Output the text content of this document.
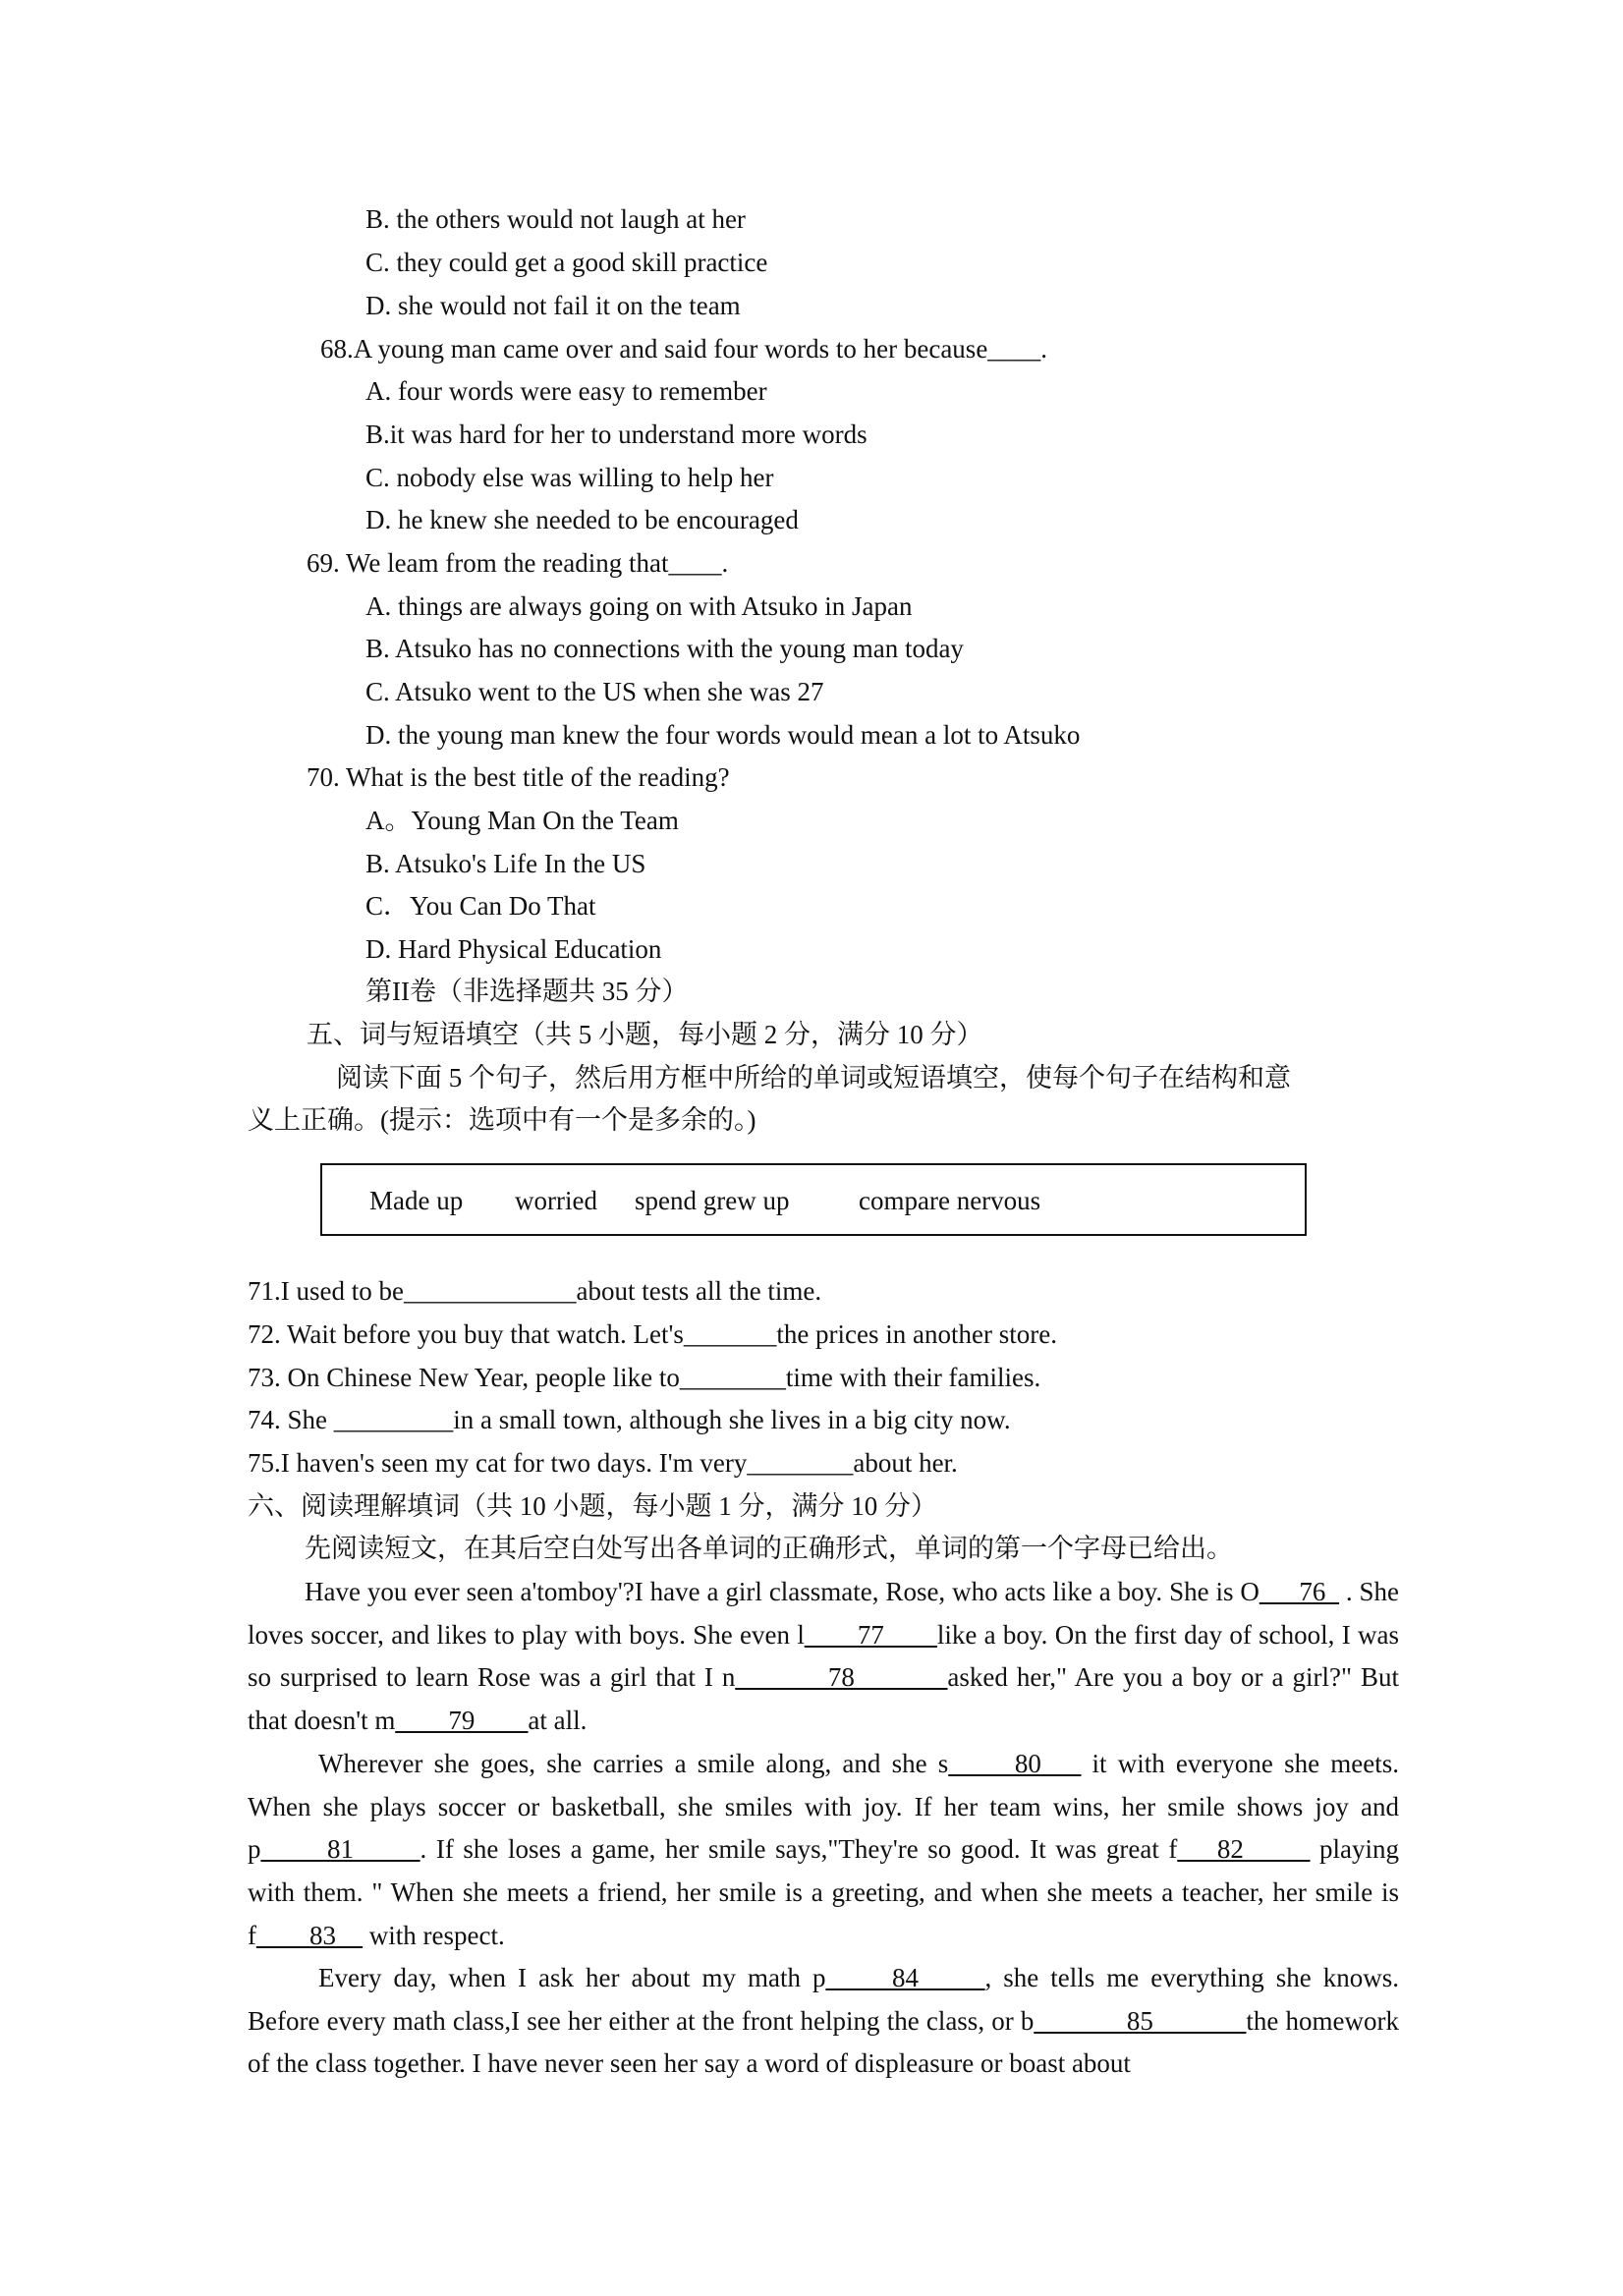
B. the others would not laugh at her
C. they could get a good skill practice
D. she would not fail it on the team
68.A young man came over and said four words to her because____.
A. four words were easy to remember
B.it was hard for her to understand more words
C. nobody else was willing to help her
D. he knew she needed to be encouraged
69. We leam from the reading that____.
A. things are always going on with Atsuko in Japan
B. Atsuko has no connections with the young man today
C. Atsuko went to the US when she was 27
D. the young man knew the four words would mean a lot to Atsuko
70. What is the best title of the reading?
A。Young Man On the Team
B. Atsuko's Life In the US
C．You Can Do That
D. Hard Physical Education
第II卷（非选择题共 35 分）
五、词与短语填空（共 5 小题，每小题 2 分，满分 10 分）
阅读下面 5 个句子，然后用方框中所给的单词或短语填空，使每个句子在结构和意
义上正确。(提示：选项中有一个是多余的。)
Made up worried spend grew up	compare nervous
71.I used to be_____________about tests all the time.
72. Wait before you buy that watch. Let's_______the prices in another store.
73. On Chinese New Year, people like to________time with their families.
74. She _________in a small town, although she lives in a big city now.
75.I haven's seen my cat for two days. I'm very________about her.
六、阅读理解填词（共 10 小题，每小题 1 分，满分 10 分）
先阅读短文，在其后空白处写出各单词的正确形式，单词的第一个字母已给出。
Have you ever seen a'tomboy'?I have a girl classmate, Rose, who acts like a boy. She is O___76_ . She loves soccer, and likes to play with boys. She even l____77____like a boy. On the first day of school, I was so surprised to learn Rose was a girl that I n_______78_______asked her," Are you a boy or a girl?" But that doesn't m____79____at all.
Wherever she goes, she carries a smile along, and she s_____80___ it with everyone she meets. When she plays soccer or basketball, she smiles with joy. If her team wins, her smile shows joy and p_____81_____. If she loses a game, her smile says,"They're so good. It was great f___82_____ playing with them. " When she meets a friend, her smile is a greeting, and when she meets a teacher, her smile is f____83__ with respect.
Every day, when I ask her about my math p_____84_____, she tells me everything she knows. Before every math class,I see her either at the front helping the class, or b_______85_______the homework of the class together. I have never seen her say a word of displeasure or boast about
